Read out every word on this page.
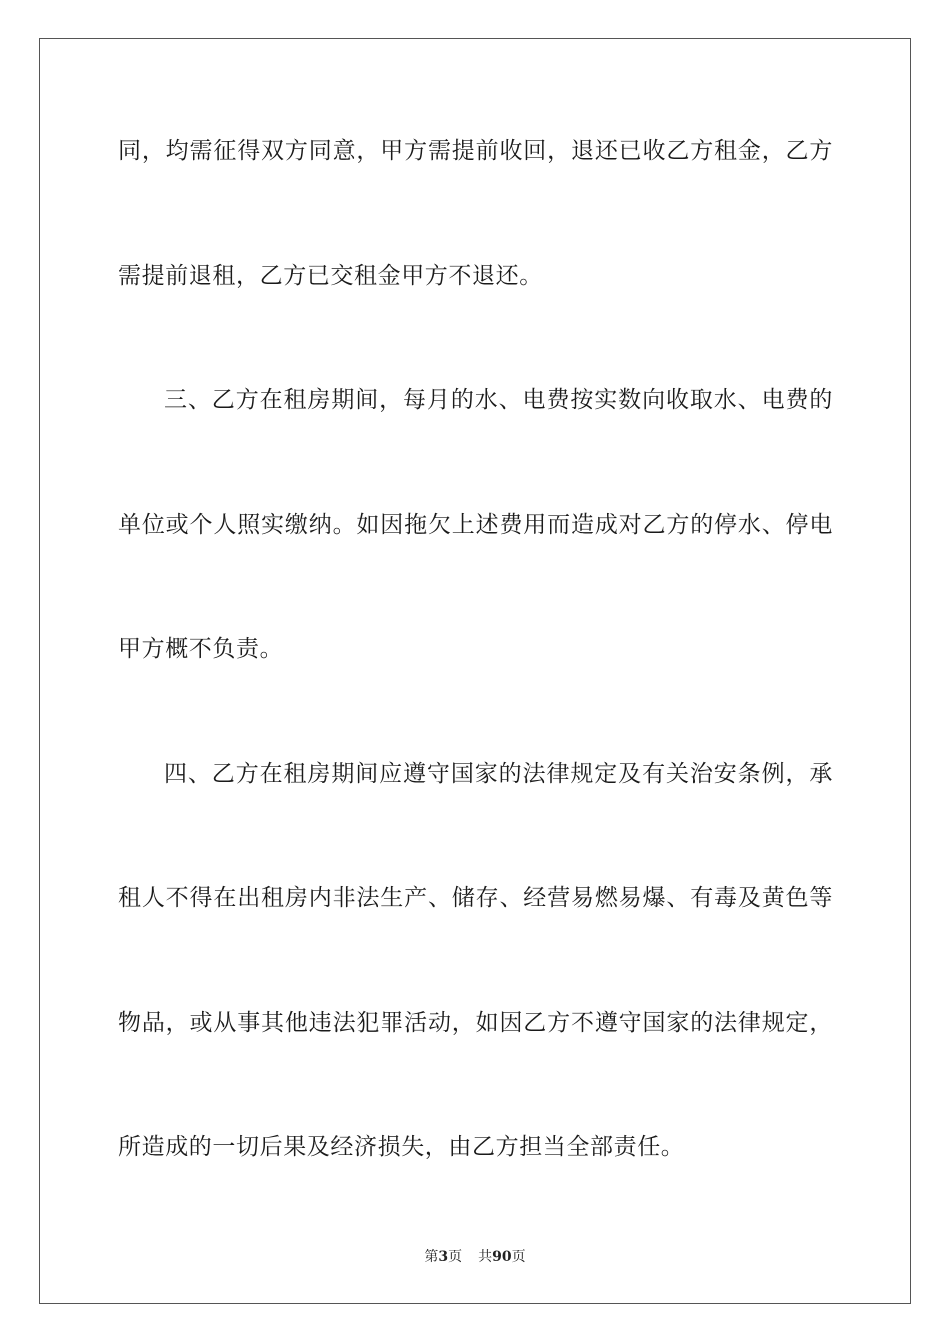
同，均需征得双方同意，甲方需提前收回，退还已收乙方租金，乙方
需提前退租，乙方已交租金甲方不退还。
三、乙方在租房期间，每月的水、电费按实数向收取水、电费的
单位或个人照实缴纳。如因拖欠上述费用而造成对乙方的停水、停电
甲方概不负责。
四、乙方在租房期间应遵守国家的法律规定及有关治安条例，承
租人不得在出租房内非法生产、储存、经营易燃易爆、有毒及黄色等
物品，或从事其他违法犯罪活动，如因乙方不遵守国家的法律规定，
所造成的一切后果及经济损失，由乙方担当全部责任。
第3页 共90页
